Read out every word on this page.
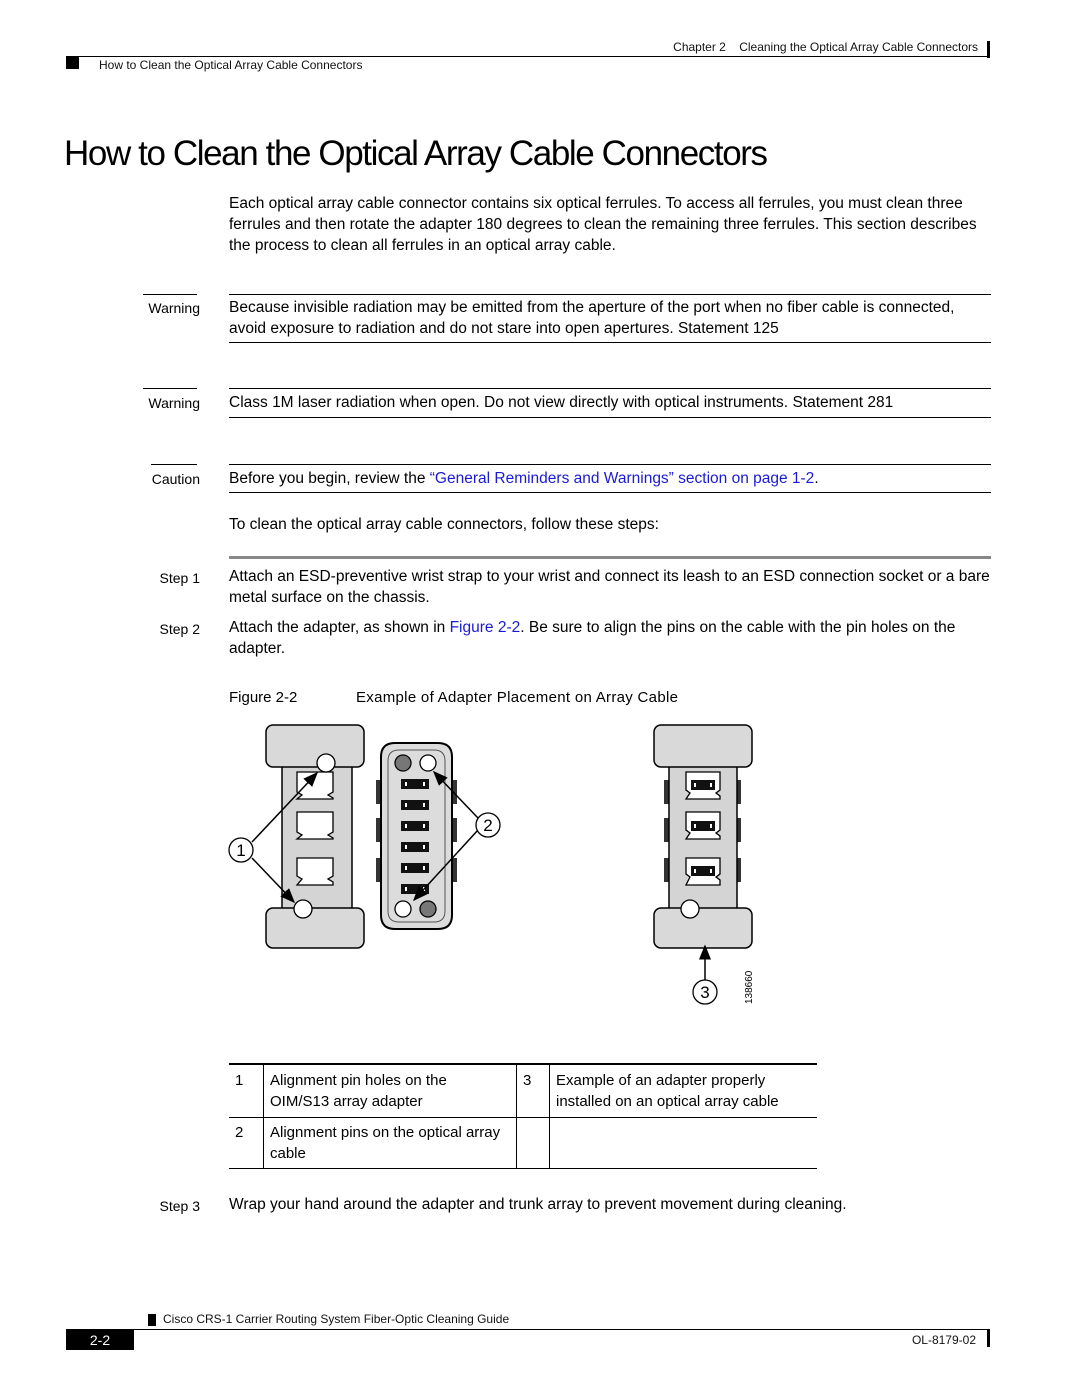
Chapter 2 Cleaning the Optical Array Cable Connectors
How to Clean the Optical Array Cable Connectors
How to Clean the Optical Array Cable Connectors
Each optical array cable connector contains six optical ferrules. To access all ferrules, you must clean three ferrules and then rotate the adapter 180 degrees to clean the remaining three ferrules. This section describes the process to clean all ferrules in an optical array cable.
Warning Because invisible radiation may be emitted from the aperture of the port when no fiber cable is connected, avoid exposure to radiation and do not stare into open apertures. Statement 125
Warning Class 1M laser radiation when open. Do not view directly with optical instruments. Statement 281
Caution Before you begin, review the “General Reminders and Warnings” section on page 1-2.
To clean the optical array cable connectors, follow these steps:
Step 1 Attach an ESD-preventive wrist strap to your wrist and connect its leash to an ESD connection socket or a bare metal surface on the chassis.
Step 2 Attach the adapter, as shown in Figure 2-2. Be sure to align the pins on the cable with the pin holes on the adapter.
Figure 2-2	Example of Adapter Placement on Array Cable
1
2
3	138660
1	Alignment pin holes on the OIM/S13 array adapter	3	Example of an adapter properly installed on an optical array cable
2	Alignment pins on the optical array cable		
Step 3 Wrap your hand around the adapter and trunk array to prevent movement during cleaning.
Cisco CRS-1 Carrier Routing System Fiber-Optic Cleaning Guide
2-2	OL-8179-02
